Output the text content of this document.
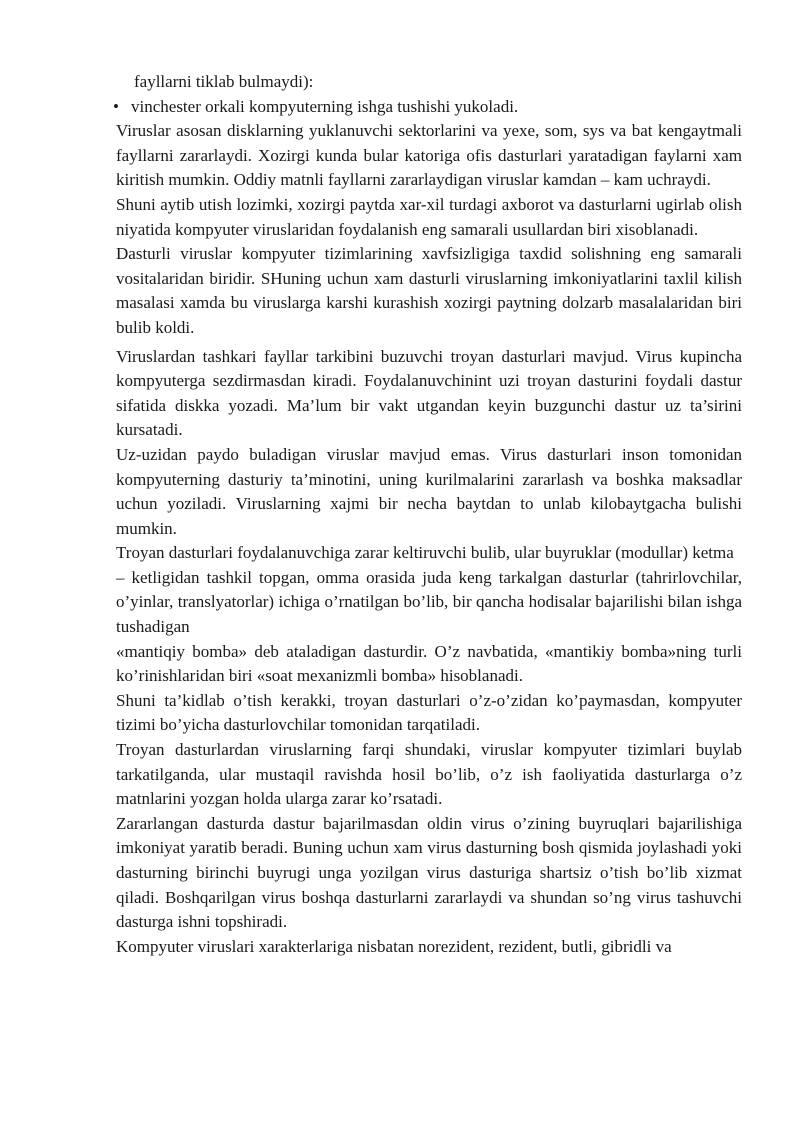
fayllarni tiklab bulmaydi):

• vinchester orkali kompyuterning ishga tushishi yukoladi.

Viruslar asosan disklarning yuklanuvchi sektorlarini va yexe, som, sys va bat kengaytmali fayllarni zararlaydi. Xozirgi kunda bular katoriga ofis dasturlari yaratadigan faylarni xam kiritish mumkin. Oddiy matnli fayllarni zararlaydigan viruslar kamdan – kam uchraydi.

Shuni aytib utish lozimki, xozirgi paytda xar-xil turdagi axborot va dasturlarni ugirlab olish niyatida kompyuter viruslaridan foydalanish eng samarali usullardan biri xisoblanadi.

Dasturli viruslar kompyuter tizimlarining xavfsizligiga taxdid solishning eng samarali vositalaridan biridir. SHuning uchun xam dasturli viruslarning imkoniyatlarini taxlil kilish masalasi xamda bu viruslarga karshi kurashish xozirgi paytning dolzarb masalalaridan biri bulib koldi.

Viruslardan tashkari fayllar tarkibini buzuvchi troyan dasturlari mavjud. Virus kupincha kompyuterga sezdirmasdan kiradi. Foydalanuvchinint uzi troyan dasturini foydali dastur sifatida diskka yozadi. Ma’lum bir vakt utgandan keyin buzgunchi dastur uz ta’sirini kursatadi.

Uz-uzidan paydo buladigan viruslar mavjud emas. Virus dasturlari inson tomonidan kompyuterning dasturiy ta’minotini, uning kurilmalarini zararlash va boshka maksadlar uchun yoziladi. Viruslarning xajmi bir necha baytdan to unlab kilobaytgacha bulishi mumkin.

Troyan dasturlari foydalanuvchiga zarar keltiruvchi bulib, ular buyruklar (modullar) ketma

– ketligidan tashkil topgan, omma orasida juda keng tarkalgan dasturlar (tahrirlovchilar, o’yinlar, translyatorlar) ichiga o’rnatilgan bo’lib, bir qancha hodisalar bajarilishi bilan ishga tushadigan

«mantiqiy bomba» deb ataladigan dasturdir. O’z navbatida, «mantikiy bomba»ning turli ko’rinishlaridan biri «soat mexanizmli bomba» hisoblanadi.

Shuni ta’kidlab o’tish kerakki, troyan dasturlari o’z-o’zidan ko’paymasdan, kompyuter tizimi bo’yicha dasturlovchilar tomonidan tarqatiladi.

Troyan dasturlardan viruslarning farqi shundaki, viruslar kompyuter tizimlari buylab tarkatilganda, ular mustaqil ravishda hosil bo’lib, o’z ish faoliyatida dasturlarga o’z matnlarini yozgan holda ularga zarar ko’rsatadi.

Zararlangan dasturda dastur bajarilmasdan oldin virus o’zining buyruqlari bajarilishiga imkoniyat yaratib beradi. Buning uchun xam virus dasturning bosh qismida joylashadi yoki dasturning birinchi buyrugi unga yozilgan virus dasturiga shartsiz o’tish bo’lib xizmat qiladi. Boshqarilgan virus boshqa dasturlarni zararlaydi va shundan so’ng virus tashuvchi dasturga ishni topshiradi.

Kompyuter viruslari xarakterlariga nisbatan norezident, rezident, butli, gibridli va
